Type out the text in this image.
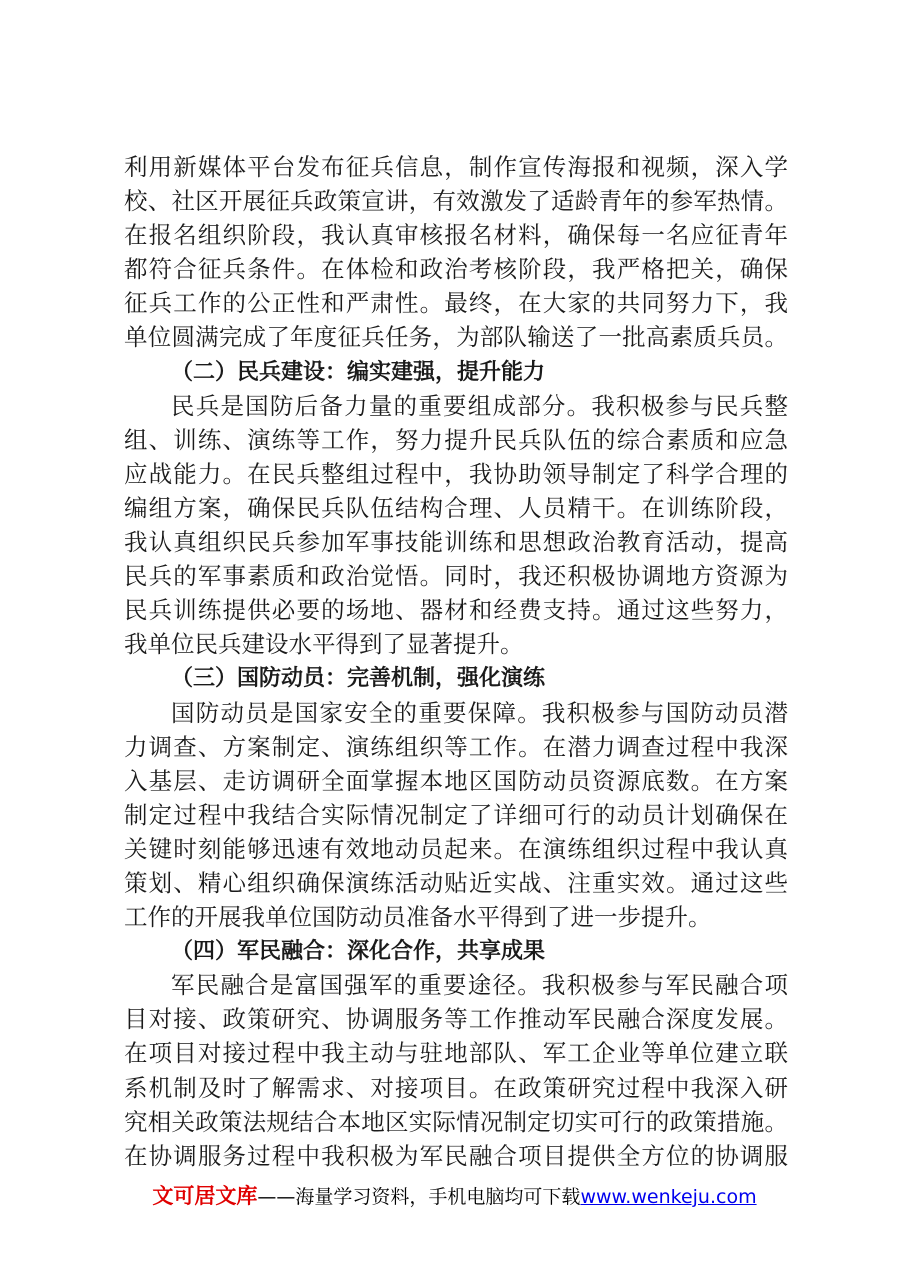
利用新媒体平台发布征兵信息，制作宣传海报和视频，深入学
校、社区开展征兵政策宣讲，有效激发了适龄青年的参军热情。
在报名组织阶段，我认真审核报名材料，确保每一名应征青年
都符合征兵条件。在体检和政治考核阶段，我严格把关，确保
征兵工作的公正性和严肃性。最终，在大家的共同努力下，我
单位圆满完成了年度征兵任务，为部队输送了一批高素质兵员。
（二）民兵建设：编实建强，提升能力
民兵是国防后备力量的重要组成部分。我积极参与民兵整
组、训练、演练等工作，努力提升民兵队伍的综合素质和应急
应战能力。在民兵整组过程中，我协助领导制定了科学合理的
编组方案，确保民兵队伍结构合理、人员精干。在训练阶段，
我认真组织民兵参加军事技能训练和思想政治教育活动，提高
民兵的军事素质和政治觉悟。同时，我还积极协调地方资源为
民兵训练提供必要的场地、器材和经费支持。通过这些努力，
我单位民兵建设水平得到了显著提升。
（三）国防动员：完善机制，强化演练
国防动员是国家安全的重要保障。我积极参与国防动员潜
力调查、方案制定、演练组织等工作。在潜力调查过程中我深
入基层、走访调研全面掌握本地区国防动员资源底数。在方案
制定过程中我结合实际情况制定了详细可行的动员计划确保在
关键时刻能够迅速有效地动员起来。在演练组织过程中我认真
策划、精心组织确保演练活动贴近实战、注重实效。通过这些
工作的开展我单位国防动员准备水平得到了进一步提升。
（四）军民融合：深化合作，共享成果
军民融合是富国强军的重要途径。我积极参与军民融合项
目对接、政策研究、协调服务等工作推动军民融合深度发展。
在项目对接过程中我主动与驻地部队、军工企业等单位建立联
系机制及时了解需求、对接项目。在政策研究过程中我深入研
究相关政策法规结合本地区实际情况制定切实可行的政策措施。
在协调服务过程中我积极为军民融合项目提供全方位的协调服
文可居文库——海量学习资料，手机电脑均可下载www.wenkeju.com
